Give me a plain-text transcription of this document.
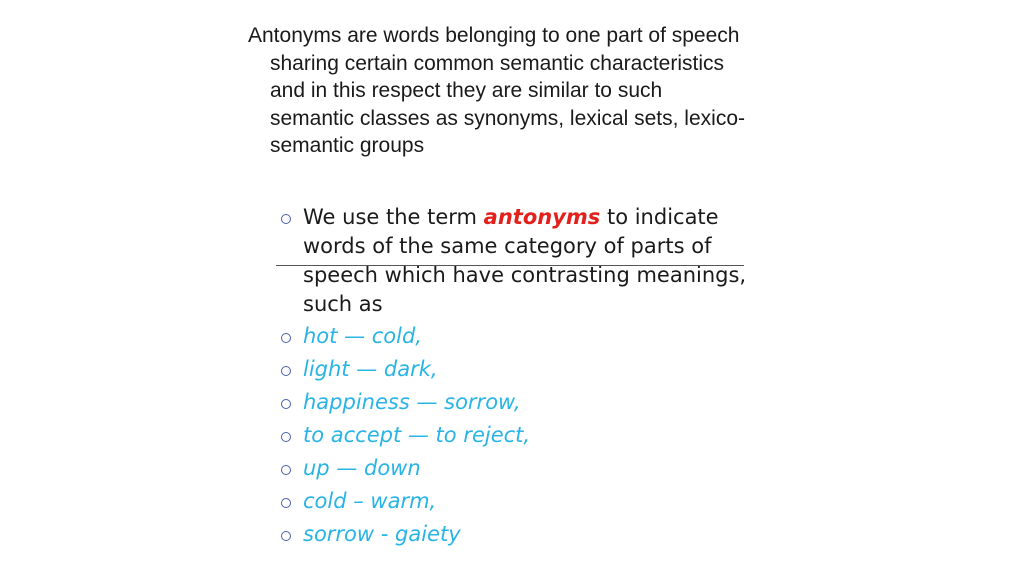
Antonyms are words belonging to one part of speech sharing certain common semantic characteristics and in this respect they are similar to such semantic classes as synonyms, lexical sets, lexico-semantic groups

We use the term antonyms to indicate words of the same category of parts of speech which have contrasting meanings, such as
hot — cold,
light — dark,
happiness — sorrow,
to accept — to reject,
up — down
cold – warm,
sorrow - gaiety
